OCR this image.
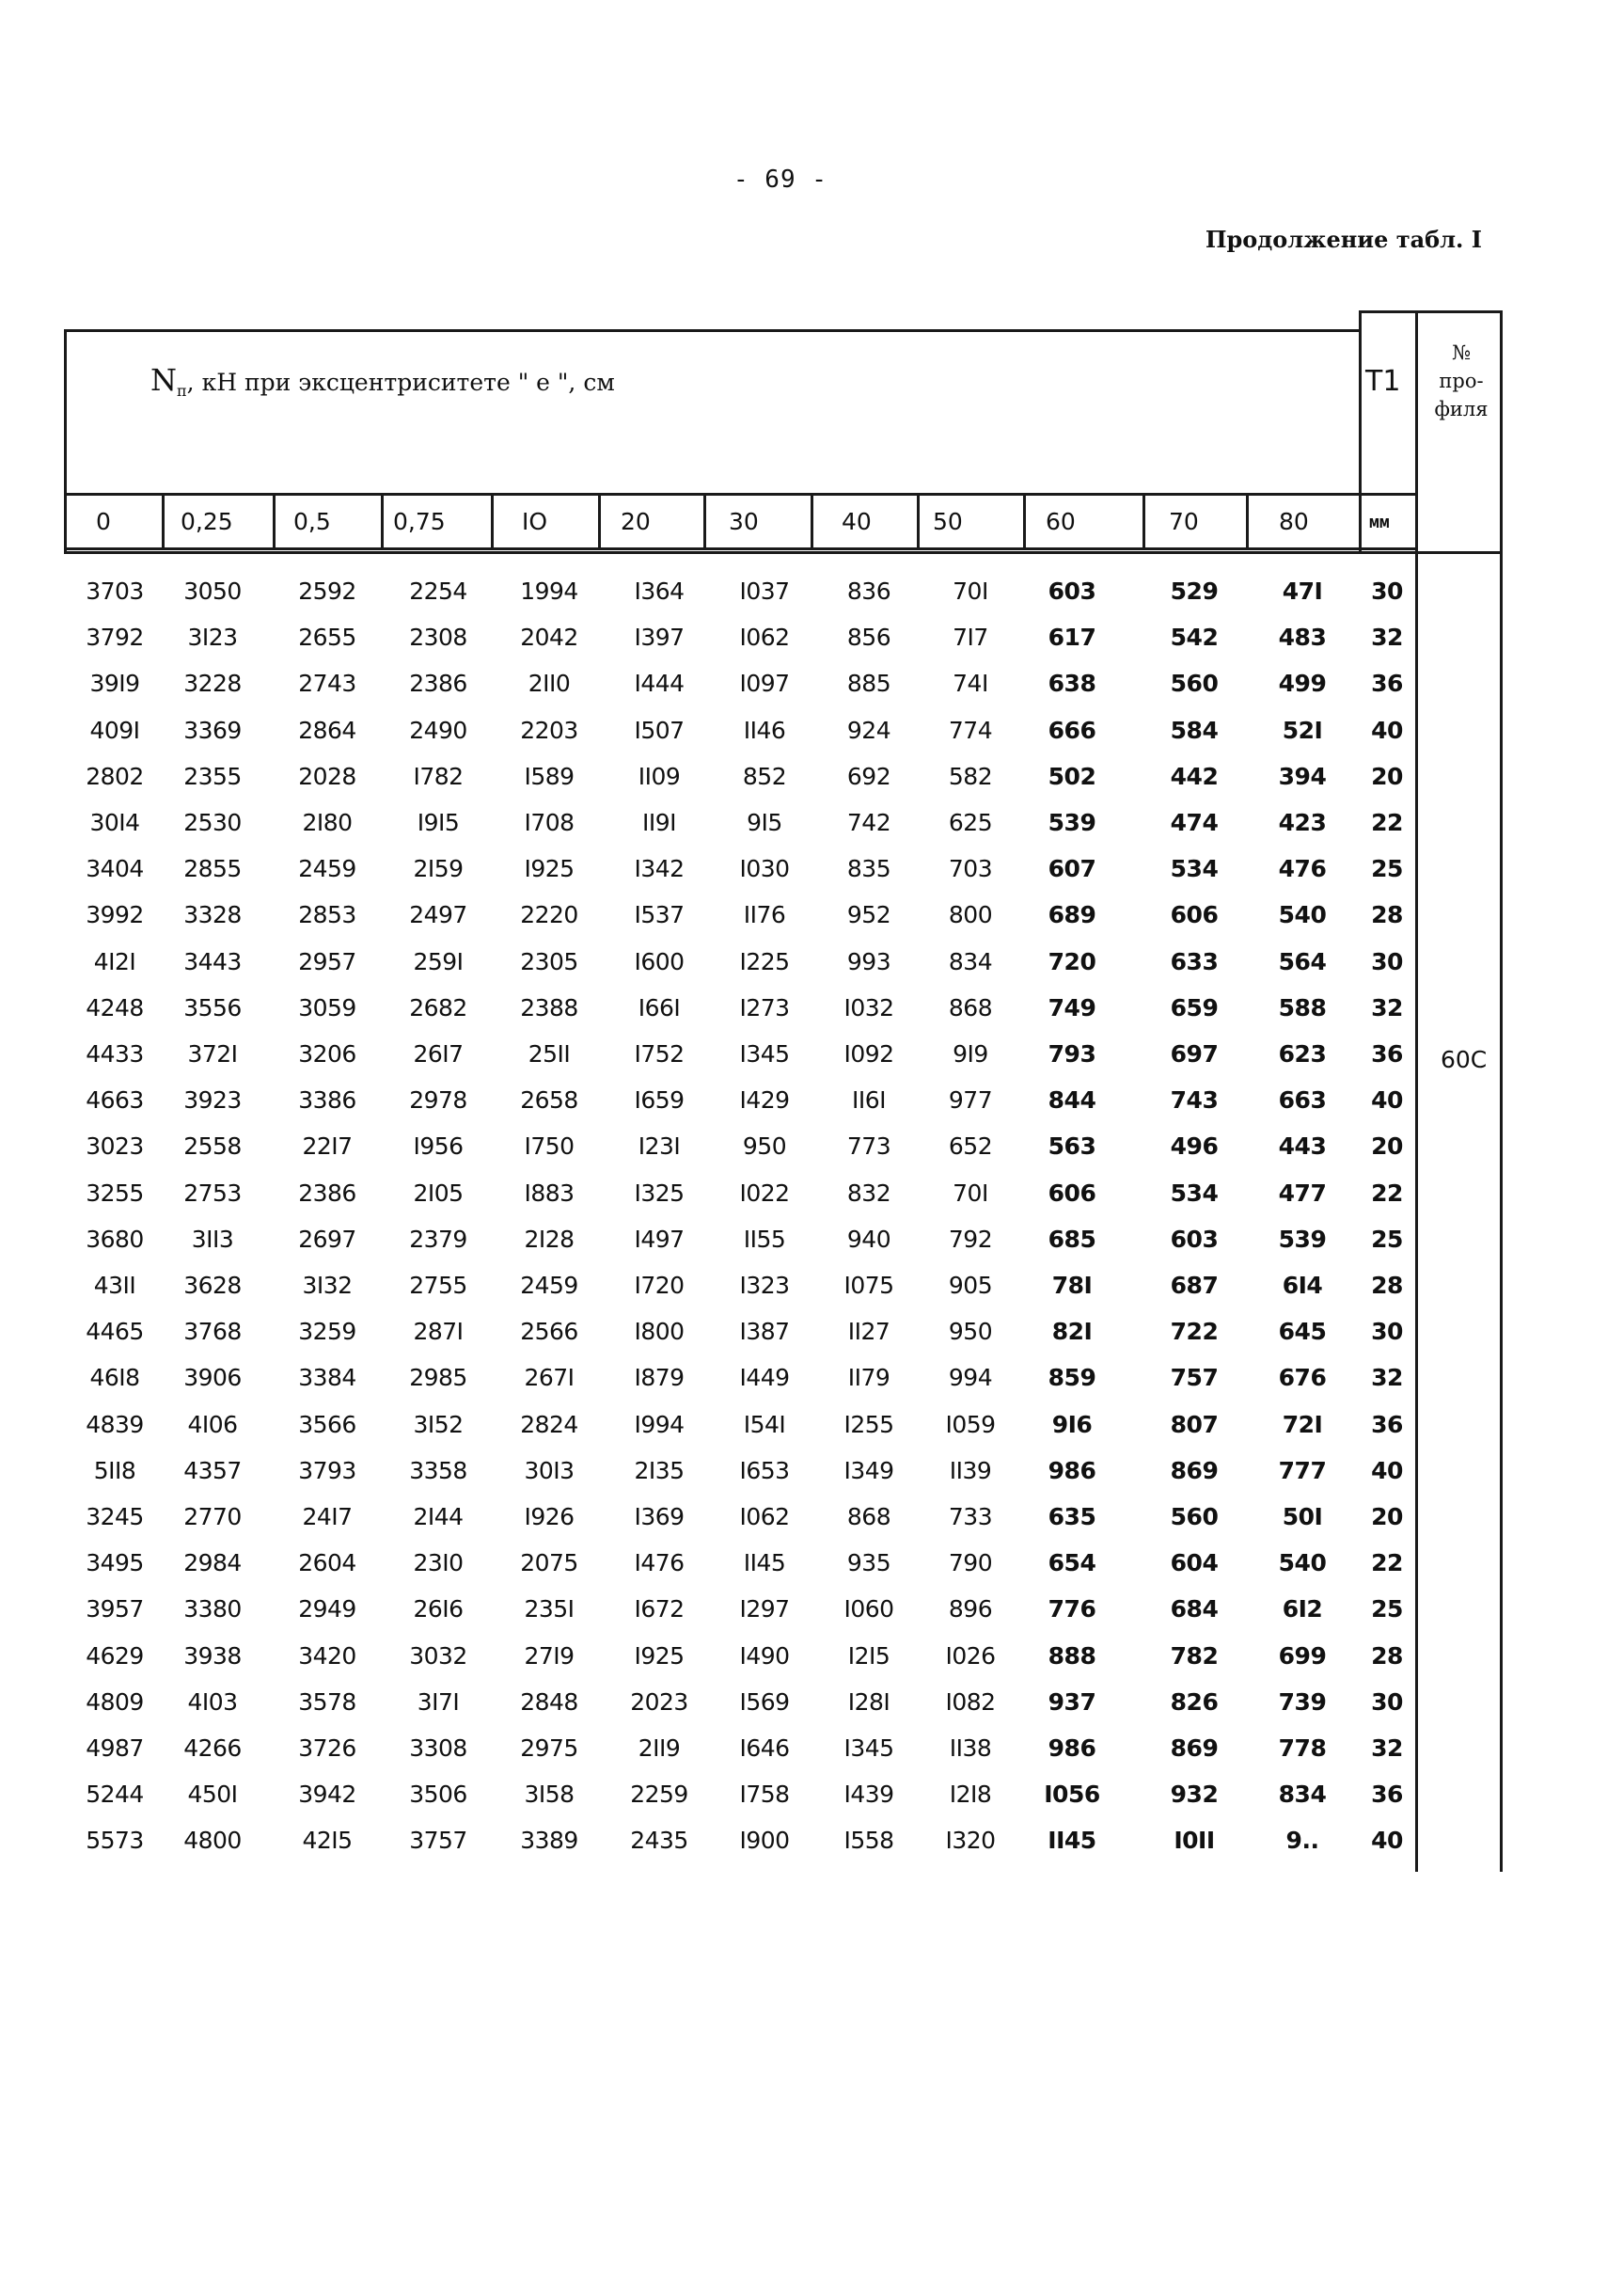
- 69 -
Продолжение табл. I
$N_п$, кН при эксцентриситете " e ", см	T1
№
про-
филя
0	0,25	0,5	0,75	IO	20	30	40	50	60	70	80	мм
3703	3050	2592	2254	1994	I364	I037	836	70I	603	529	47I	30
3792	3I23	2655	2308	2042	I397	I062	856	7I7	617	542	483	32
39I9	3228	2743	2386	2II0	I444	I097	885	74I	638	560	499	36
409I	3369	2864	2490	2203	I507	II46	924	774	666	584	52I	40
2802	2355	2028	I782	I589	II09	852	692	582	502	442	394	20
30I4	2530	2I80	I9I5	I708	II9I	9I5	742	625	539	474	423	22
3404	2855	2459	2I59	I925	I342	I030	835	703	607	534	476	25
3992	3328	2853	2497	2220	I537	II76	952	800	689	606	540	28
4I2I	3443	2957	259I	2305	I600	I225	993	834	720	633	564	30
4248	3556	3059	2682	2388	I66I	I273	I032	868	749	659	588	32
4433	372I	3206	26I7	25II	I752	I345	I092	9I9	793	697	623	36
4663	3923	3386	2978	2658	I659	I429	II6I	977	844	743	663	40
3023	2558	22I7	I956	I750	I23I	950	773	652	563	496	443	20
3255	2753	2386	2I05	I883	I325	I022	832	70I	606	534	477	22
3680	3II3	2697	2379	2I28	I497	II55	940	792	685	603	539	25
43II	3628	3I32	2755	2459	I720	I323	I075	905	78I	687	6I4	28
4465	3768	3259	287I	2566	I800	I387	II27	950	82I	722	645	30
46I8	3906	3384	2985	267I	I879	I449	II79	994	859	757	676	32
4839	4I06	3566	3I52	2824	I994	I54I	I255	I059	9I6	807	72I	36
5II8	4357	3793	3358	30I3	2I35	I653	I349	II39	986	869	777	40
3245	2770	24I7	2I44	I926	I369	I062	868	733	635	560	50I	20
3495	2984	2604	23I0	2075	I476	II45	935	790	654	604	540	22
3957	3380	2949	26I6	235I	I672	I297	I060	896	776	684	6I2	25
4629	3938	3420	3032	27I9	I925	I490	I2I5	I026	888	782	699	28
4809	4I03	3578	3I7I	2848	2023	I569	I28I	I082	937	826	739	30
4987	4266	3726	3308	2975	2II9	I646	I345	II38	986	869	778	32
5244	450I	3942	3506	3I58	2259	I758	I439	I2I8	I056	932	834	36
5573	4800	42I5	3757	3389	2435	I900	I558	I320	II45	I0II	9..	40
60C
